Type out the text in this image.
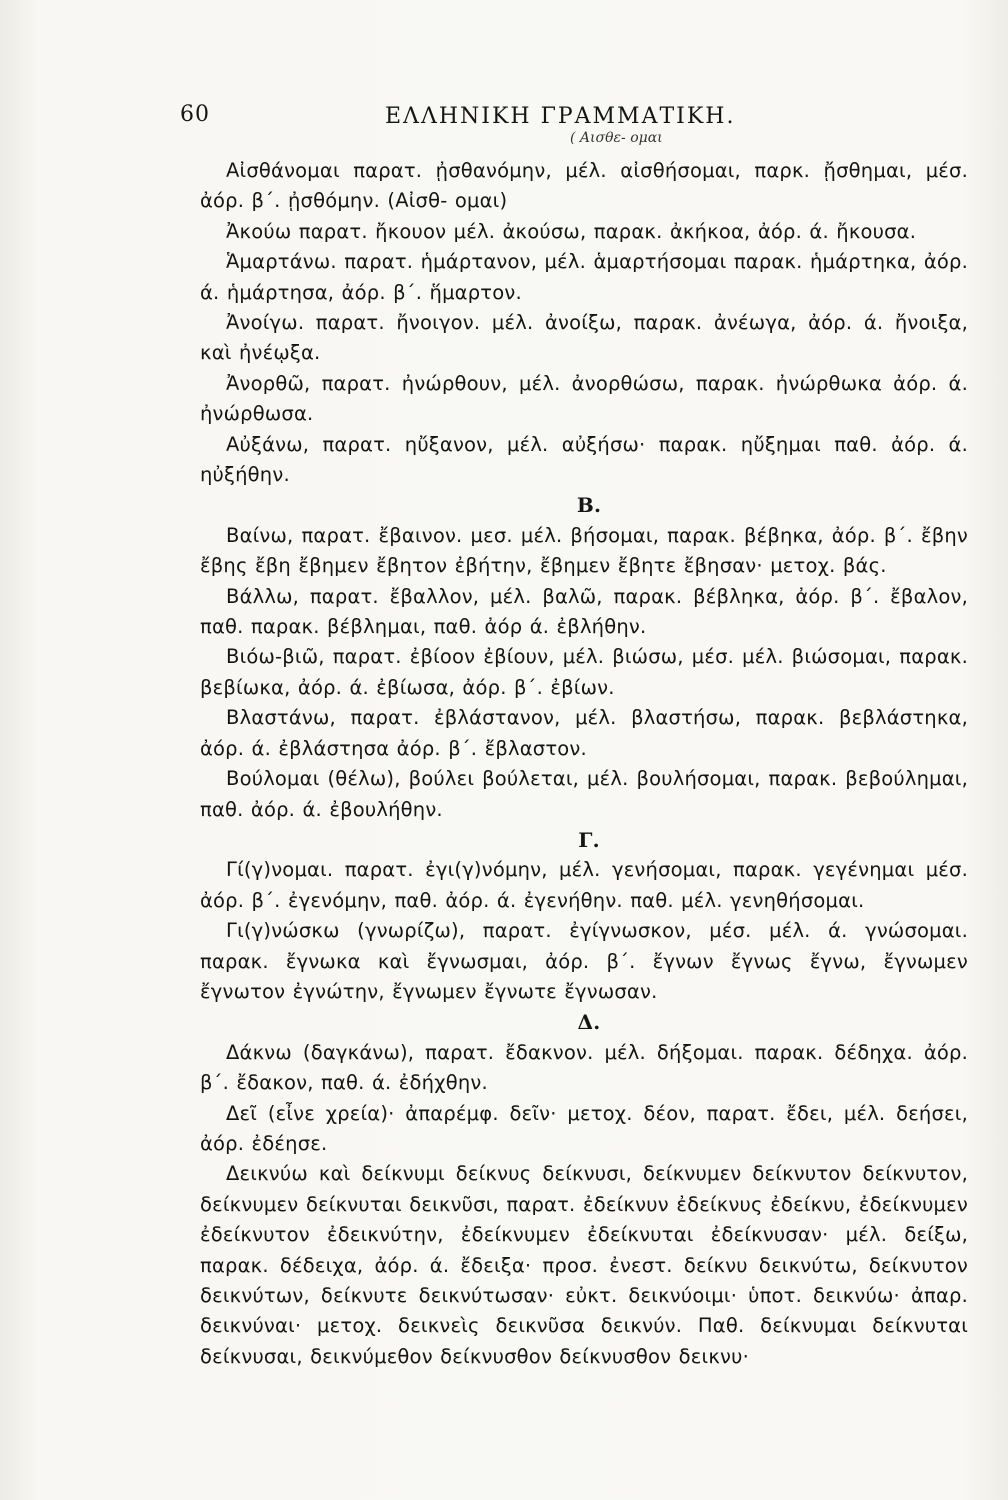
60	ΕΛΛΗΝΙΚΗ ΓΡΑΜΜΑΤΙΚΗ.
( Αισθε- ομαι

Αἰσθάνομαι παρατ. ᾐσθανόμην, μέλ. αἰσθήσομαι, παρκ. ᾔσθημαι, μέσ. ἀόρ. β΄. ᾐσθόμην. (Αἰσθ- ομαι)

Ἀκούω παρατ. ἤκουον μέλ. ἀκούσω, παρακ. ἀκήκοα, ἀόρ. ά. ἤκουσα.

Ἁμαρτάνω. παρατ. ἡμάρτανον, μέλ. ἁμαρτήσομαι παρακ. ἡμάρτηκα, ἀόρ. ά. ἡμάρτησα, ἀόρ. β΄. ἥμαρτον.

Ἀνοίγω. παρατ. ἤνοιγον. μέλ. ἀνοίξω, παρακ. ἀνέωγα, ἀόρ. ά. ἤνοιξα, καὶ ἠνέῳξα.

Ἀνορθῶ, παρατ. ἠνώρθουν, μέλ. ἀνορθώσω, παρακ. ἠνώρθωκα ἀόρ. ά. ἠνώρθωσα.

Αὐξάνω, παρατ. ηὔξανον, μέλ. αὐξήσω· παρακ. ηὔξημαι παθ. ἀόρ. ά. ηὐξήθην.

Β.

Βαίνω, παρατ. ἔβαινον. μεσ. μέλ. βήσομαι, παρακ. βέβηκα, ἀόρ. β΄. ἔβην ἔβης ἔβη ἔβημεν ἔβητον ἐβήτην, ἔβημεν ἔβητε ἔβησαν· μετοχ. βάς.

Βάλλω, παρατ. ἔβαλλον, μέλ. βαλῶ, παρακ. βέβληκα, ἀόρ. β΄. ἔβαλον, παθ. παρακ. βέβλημαι, παθ. ἀόρ ά. ἐβλήθην.

Βιόω-βιῶ, παρατ. ἐβίοον ἐβίουν, μέλ. βιώσω, μέσ. μέλ. βιώσομαι, παρακ. βεβίωκα, ἀόρ. ά. ἐβίωσα, ἀόρ. β΄. ἐβίων.

Βλαστάνω, παρατ. ἐβλάστανον, μέλ. βλαστήσω, παρακ. βεβλάστηκα, ἀόρ. ά. ἐβλάστησα ἀόρ. β΄. ἔβλαστον.

Βούλομαι (θέλω), βούλει βούλεται, μέλ. βουλήσομαι, παρακ. βεβούλημαι, παθ. ἀόρ. ά. ἐβουλήθην.

Γ.

Γί(γ)νομαι. παρατ. ἐγι(γ)νόμην, μέλ. γενήσομαι, παρακ. γεγένημαι μέσ. ἀόρ. β΄. ἐγενόμην, παθ. ἀόρ. ά. ἐγενήθην. παθ. μέλ. γενηθήσομαι.

Γι(γ)νώσκω (γνωρίζω), παρατ. ἐγίγνωσκον, μέσ. μέλ. ά. γνώσομαι. παρακ. ἔγνωκα καὶ ἔγνωσμαι, ἀόρ. β΄. ἔγνων ἔγνως ἔγνω, ἔγνωμεν ἔγνωτον ἐγνώτην, ἔγνωμεν ἔγνωτε ἔγνωσαν.

Δ.

Δάκνω (δαγκάνω), παρατ. ἔδακνον. μέλ. δήξομαι. παρακ. δέδηχα. ἀόρ. β΄. ἔδακον, παθ. ά. ἐδήχθην.

Δεῖ (εἶνε χρεία)· ἀπαρέμφ. δεῖν· μετοχ. δέον, παρατ. ἔδει, μέλ. δεήσει, ἀόρ. ἐδέησε.

Δεικνύω καὶ δείκνυμι δείκνυς δείκνυσι, δείκνυμεν δείκνυτον δείκνυτον, δείκνυμεν δείκνυται δεικνῦσι, παρατ. ἐδείκνυν ἐδείκνυς ἐδείκνυ, ἐδείκνυμεν ἐδείκνυτον ἐδεικνύτην, ἐδείκνυμεν ἐδείκνυται ἐδείκνυσαν· μέλ. δείξω, παρακ. δέδειχα, ἀόρ. ά. ἔδειξα· προσ. ἐνεστ. δείκνυ δεικνύτω, δείκνυτον δεικνύτων, δείκνυτε δεικνύτωσαν· εὐκτ. δεικνύοιμι· ὑποτ. δεικνύω· ἀπαρ. δεικνύναι· μετοχ. δεικνεὶς δεικνῦσα δεικνύν. Παθ. δείκνυμαι δείκνυται δείκνυσαι, δεικνύμεθον δείκνυσθον δείκνυσθον δεικνυ·
